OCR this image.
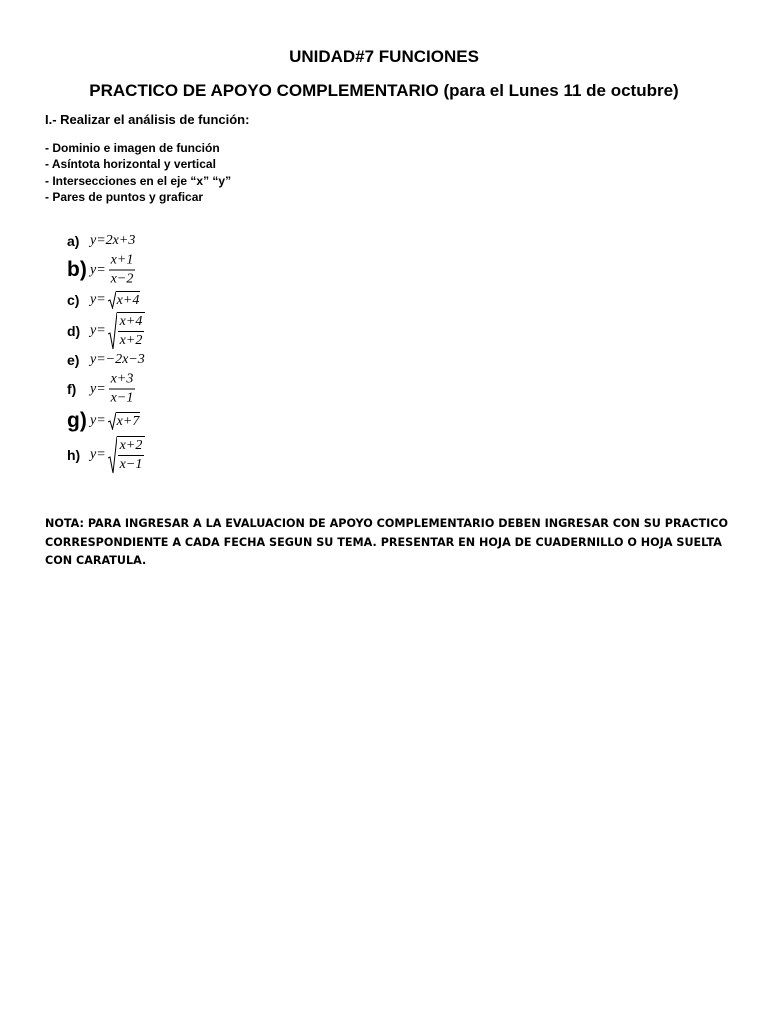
UNIDAD#7 FUNCIONES
PRACTICO DE APOYO COMPLEMENTARIO (para el Lunes 11 de octubre)
I.- Realizar el análisis de función:
- Dominio e imagen de función
- Asíntota horizontal y vertical
- Intersecciones en el eje “x” “y”
- Pares de puntos y graficar
a) y= 2x+3
b) $y= \frac{x+1}{x-2}$
c) y= x+4
d) $y= \frac{x+4}{x+2}$
e) y= −2x−3
f) $y= \frac{x+3}{x-1}$
g) y= x+7
h) $y= \frac{x+2}{x-1}$
NOTA: PARA INGRESAR A LA EVALUACION DE APOYO COMPLEMENTARIO DEBEN INGRESAR CON SU PRACTICO CORRESPONDIENTE A CADA FECHA SEGUN SU TEMA. PRESENTAR EN HOJA DE CUADERNILLO O HOJA SUELTA CON CARATULA.
